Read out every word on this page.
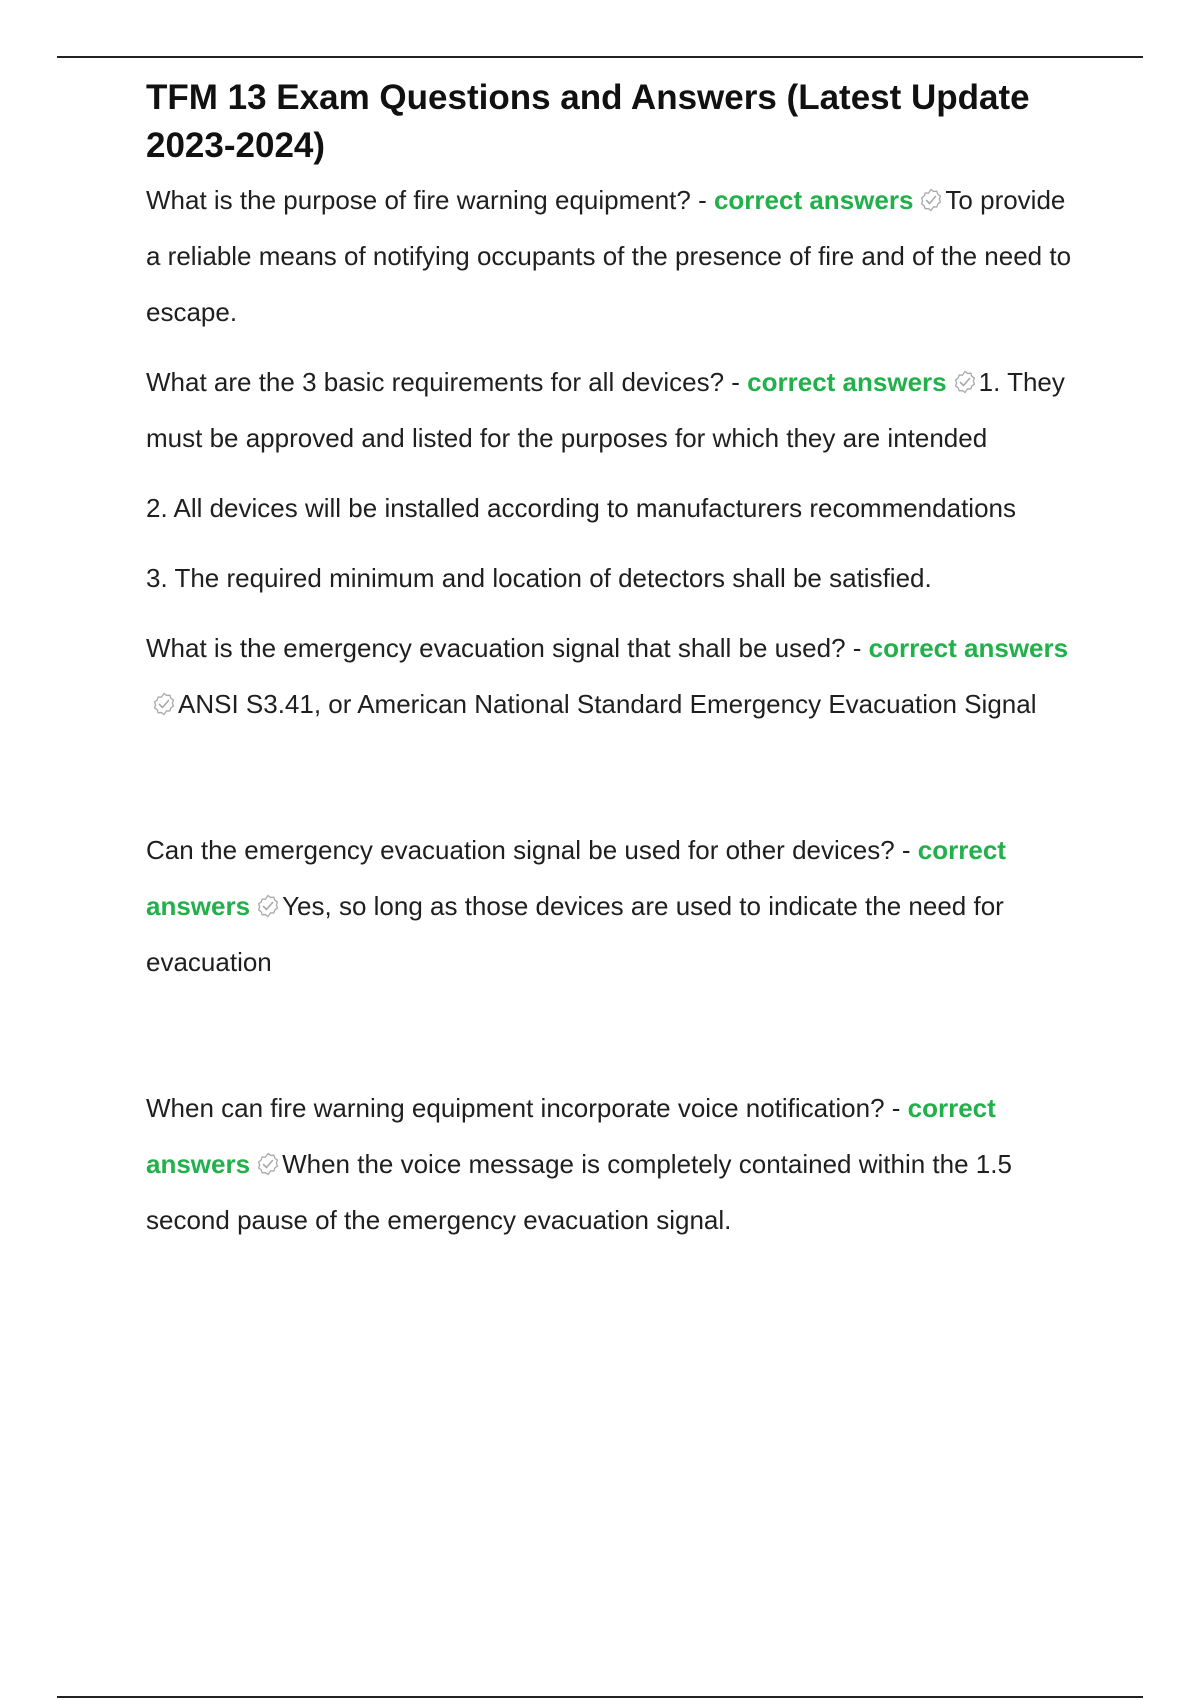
TFM 13 Exam Questions and Answers (Latest Update 2023-2024)

What is the purpose of fire warning equipment? - correct answers To provide a reliable means of notifying occupants of the presence of fire and of the need to escape.

What are the 3 basic requirements for all devices? - correct answers 1. They must be approved and listed for the purposes for which they are intended

2. All devices will be installed according to manufacturers recommendations

3. The required minimum and location of detectors shall be satisfied.

What is the emergency evacuation signal that shall be used? - correct answers
ANSI S3.41, or American National Standard Emergency Evacuation Signal

Can the emergency evacuation signal be used for other devices? - correct answers Yes, so long as those devices are used to indicate the need for evacuation

When can fire warning equipment incorporate voice notification? - correct answers When the voice message is completely contained within the 1.5 second pause of the emergency evacuation signal.
